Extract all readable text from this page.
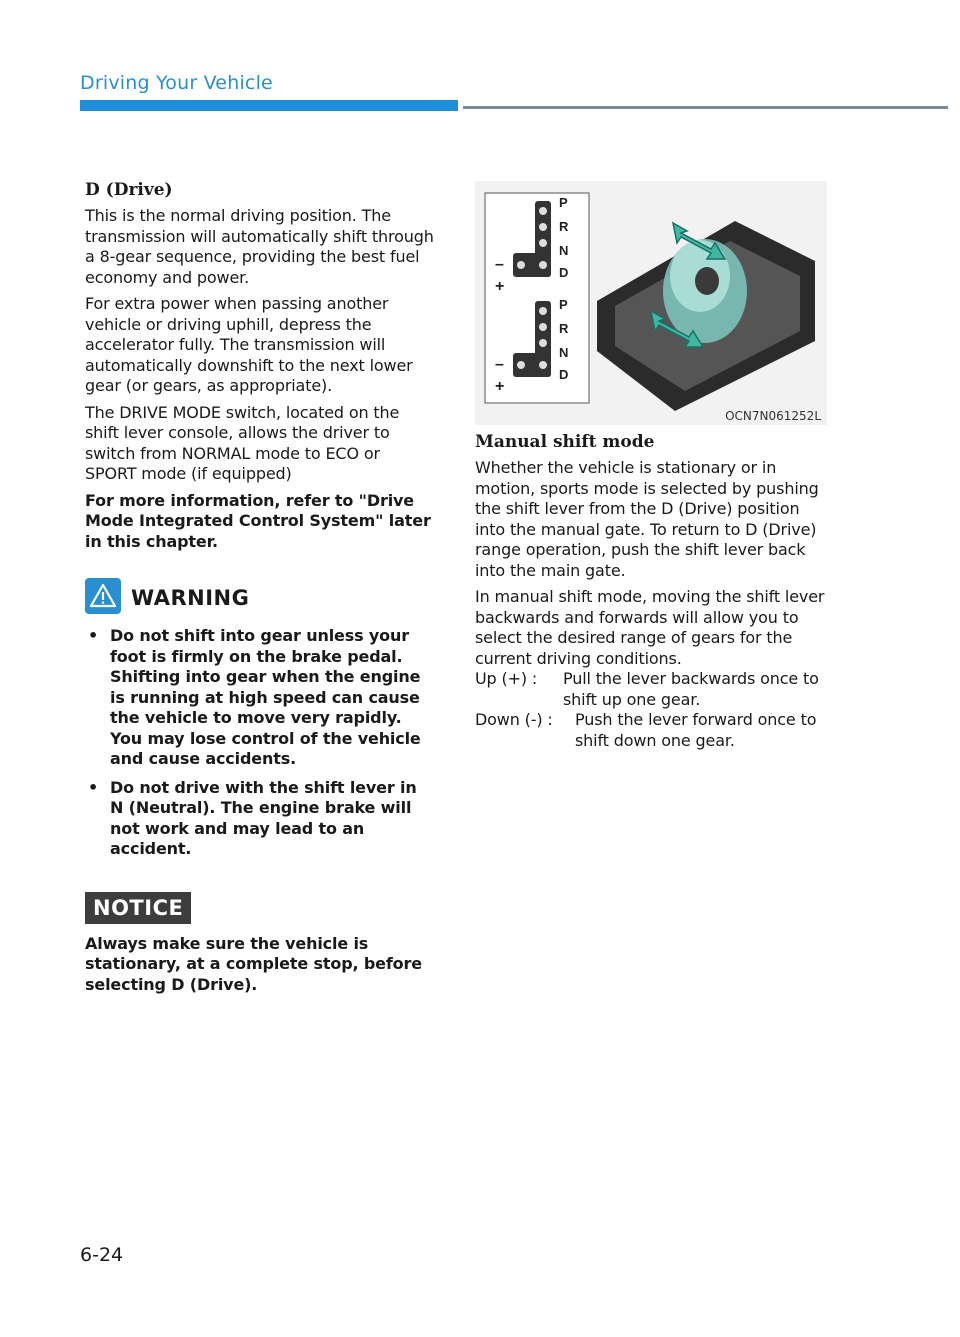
Driving Your Vehicle
D (Drive)

This is the normal driving position. The transmission will automatically shift through a 8-gear sequence, providing the best fuel economy and power.

For extra power when passing another vehicle or driving uphill, depress the accelerator fully. The transmission will automatically downshift to the next lower gear (or gears, as appropriate).

The DRIVE MODE switch, located on the shift lever console, allows the driver to switch from NORMAL mode to ECO or SPORT mode (if equipped)

For more information, refer to "Drive Mode Integrated Control System" later in this chapter.

WARNING
• Do not shift into gear unless your foot is firmly on the brake pedal. Shifting into gear when the engine is running at high speed can cause the vehicle to move very rapidly. You may lose control of the vehicle and cause accidents.
• Do not drive with the shift lever in N (Neutral). The engine brake will not work and may lead to an accident.
NOTICE

Always make sure the vehicle is stationary, at a complete stop, before selecting D (Drive).

P
R
N
D
P
R
N
D
–
+
–
+
OCN7N061252L
Manual shift mode

Whether the vehicle is stationary or in motion, sports mode is selected by pushing the shift lever from the D (Drive) position into the manual gate. To return to D (Drive) range operation, push the shift lever back into the main gate.

In manual shift mode, moving the shift lever backwards and forwards will allow you to select the desired range of gears for the current driving conditions.

Up (+) :	Pull the lever backwards once to shift up one gear.
Down (-) :	Push the lever forward once to shift down one gear.
6-24
